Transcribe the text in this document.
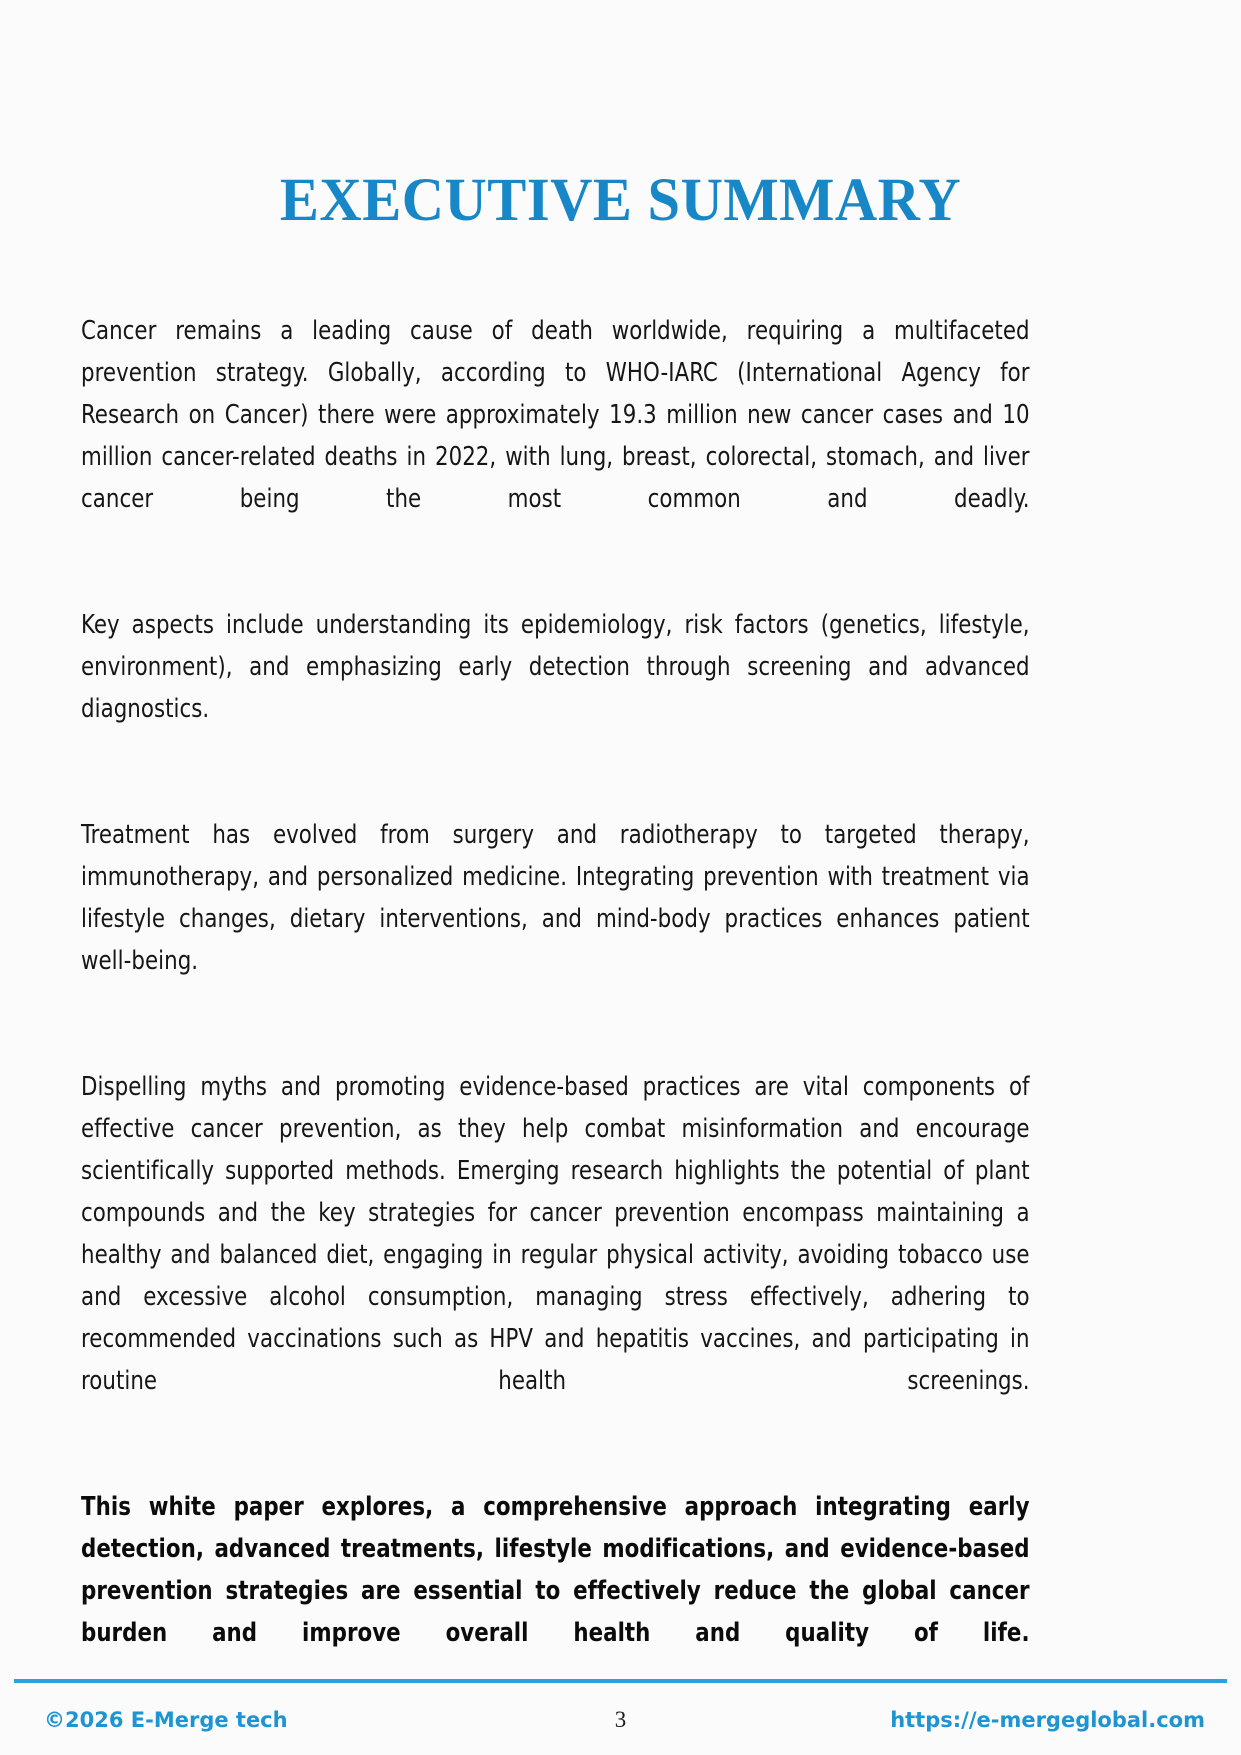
EXECUTIVE SUMMARY

Cancer remains a leading cause of death worldwide, requiring a multifaceted prevention strategy. Globally, according to WHO-IARC (International Agency for Research on Cancer) there were approximately 19.3 million new cancer cases and 10 million cancer-related deaths in 2022, with lung, breast, colorectal, stomach, and liver cancer being the most common and deadly.

Key aspects include understanding its epidemiology, risk factors (genetics, lifestyle, environment), and emphasizing early detection through screening and advanced diagnostics.

Treatment has evolved from surgery and radiotherapy to targeted therapy, immunotherapy, and personalized medicine. Integrating prevention with treatment via lifestyle changes, dietary interventions, and mind-body practices enhances patient well-being.

Dispelling myths and promoting evidence-based practices are vital components of effective cancer prevention, as they help combat misinformation and encourage scientifically supported methods. Emerging research highlights the potential of plant compounds and the key strategies for cancer prevention encompass maintaining a healthy and balanced diet, engaging in regular physical activity, avoiding tobacco use and excessive alcohol consumption, managing stress effectively, adhering to recommended vaccinations such as HPV and hepatitis vaccines, and participating in routine health screenings.

This white paper explores, a comprehensive approach integrating early detection, advanced treatments, lifestyle modifications, and evidence-based prevention strategies are essential to effectively reduce the global cancer burden and improve overall health and quality of life.

©2026 E-Merge tech	3	https://e-mergeglobal.com
